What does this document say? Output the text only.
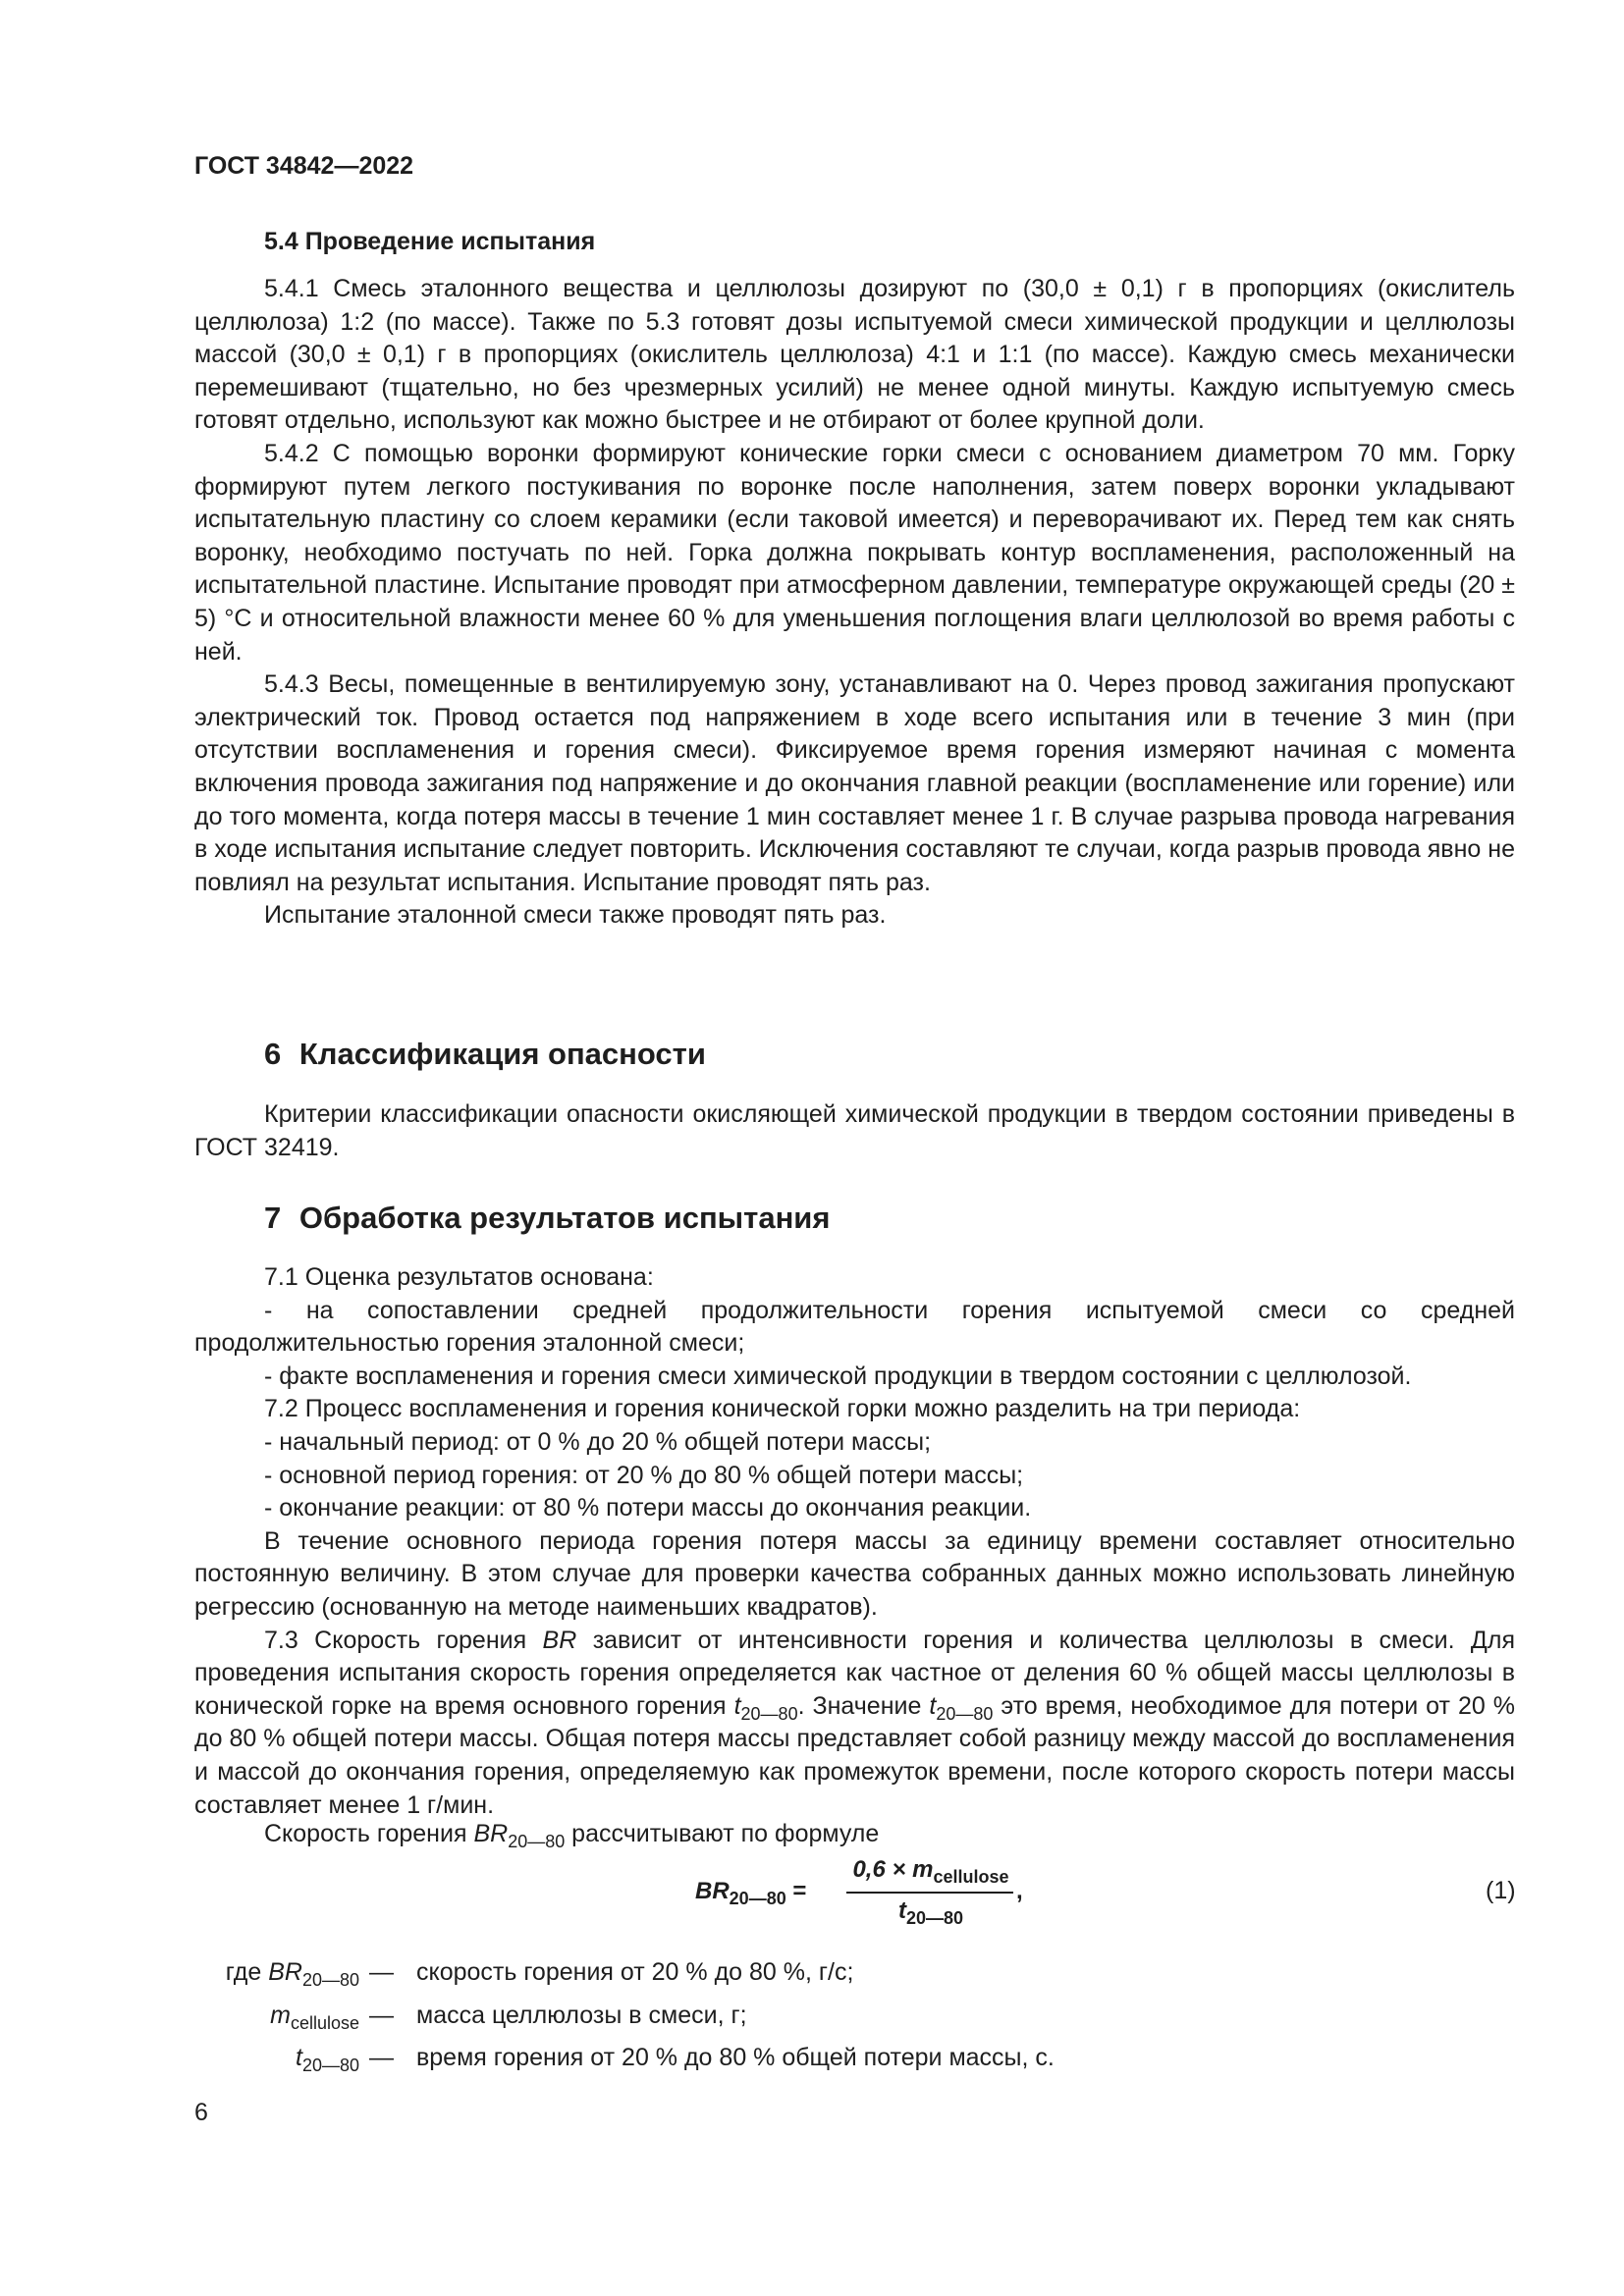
ГОСТ 34842—2022
5.4 Проведение испытания

5.4.1 Смесь эталонного вещества и целлюлозы дозируют по (30,0 ± 0,1) г в пропорциях (окислитель целлюлоза) 1:2 (по массе). Также по 5.3 готовят дозы испытуемой смеси химической продукции и целлюлозы массой (30,0 ± 0,1) г в пропорциях (окислитель целлюлоза) 4:1 и 1:1 (по массе). Каждую смесь механически перемешивают (тщательно, но без чрезмерных усилий) не менее одной минуты. Каждую испытуемую смесь готовят отдельно, используют как можно быстрее и не отбирают от более крупной доли.

5.4.2 С помощью воронки формируют конические горки смеси с основанием диаметром 70 мм. Горку формируют путем легкого постукивания по воронке после наполнения, затем поверх воронки укладывают испытательную пластину со слоем керамики (если таковой имеется) и переворачивают их. Перед тем как снять воронку, необходимо постучать по ней. Горка должна покрывать контур воспламенения, расположенный на испытательной пластине. Испытание проводят при атмосферном давлении, температуре окружающей среды (20 ± 5) °C и относительной влажности менее 60 % для уменьшения поглощения влаги целлюлозой во время работы с ней.

5.4.3 Весы, помещенные в вентилируемую зону, устанавливают на 0. Через провод зажигания пропускают электрический ток. Провод остается под напряжением в ходе всего испытания или в течение 3 мин (при отсутствии воспламенения и горения смеси). Фиксируемое время горения измеряют начиная с момента включения провода зажигания под напряжение и до окончания главной реакции (воспламенение или горение) или до того момента, когда потеря массы в течение 1 мин составляет менее 1 г. В случае разрыва провода нагревания в ходе испытания испытание следует повторить. Исключения составляют те случаи, когда разрыв провода явно не повлиял на результат испытания. Испытание проводят пять раз.

Испытание эталонной смеси также проводят пять раз.

6 Классификация опасности

Критерии классификации опасности окисляющей химической продукции в твердом состоянии приведены в ГОСТ 32419.

7 Обработка результатов испытания

7.1 Оценка результатов основана:

- на сопоставлении средней продолжительности горения испытуемой смеси со средней продолжительностью горения эталонной смеси;

- факте воспламенения и горения смеси химической продукции в твердом состоянии с целлюлозой.

7.2 Процесс воспламенения и горения конической горки можно разделить на три периода:

- начальный период: от 0 % до 20 % общей потери массы;

- основной период горения: от 20 % до 80 % общей потери массы;

- окончание реакции: от 80 % потери массы до окончания реакции.

В течение основного периода горения потеря массы за единицу времени составляет относительно постоянную величину. В этом случае для проверки качества собранных данных можно использовать линейную регрессию (основанную на методе наименьших квадратов).

7.3 Скорость горения BR зависит от интенсивности горения и количества целлюлозы в смеси. Для проведения испытания скорость горения определяется как частное от деления 60 % общей массы целлюлозы в конической горке на время основного горения $t_{20—80}$. Значение $t_{20—80}$ это время, необходимое для потери от 20 % до 80 % общей потери массы. Общая потеря массы представляет собой разницу между массой до воспламенения и массой до окончания горения, определяемую как промежуток времени, после которого скорость потери массы составляет менее 1 г/мин.

Скорость горения $BR_{20—80}$ рассчитывают по формуле
$BR_{20—80}$ =
$0,6 \times m_{cellulose}$
$t_{20—80}$
,	(1)
где $BR_{20—80}$ — скорость горения от 20 % до 80 %, г/с;
$m_{cellulose}$ — масса целлюлозы в смеси, г;
$t_{20—80}$ — время горения от 20 % до 80 % общей потери массы, с.
6
